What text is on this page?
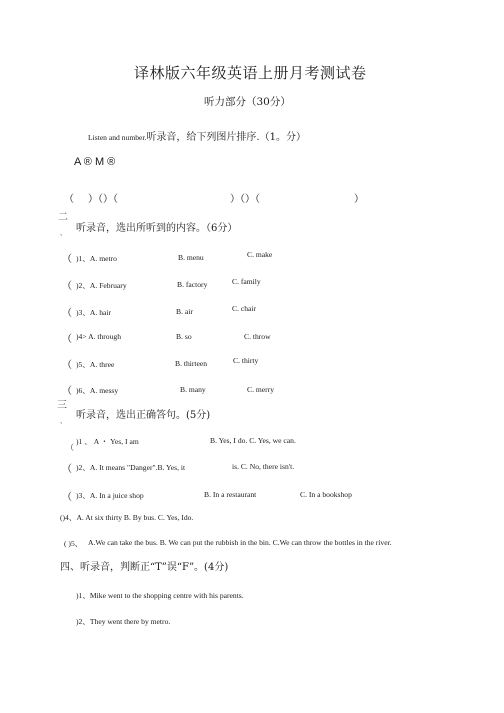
译林版六年级英语上册月考测试卷
听力部分（30分）
Listen and number.听录音，给下列图片排序.（1。分）
A ® M ®
（ ）（）（	）（）（	）
二
、 听录音，选出所听到的内容。（6分）
（ )1、A. metro	B. menu	C. make
（ )2、A. February	B. factory	C. family
（ )3、A. hair	B. air	C. chair
（ )4> A. through	B. so	C. throw
（ )5、A. three	B. thirteen	C. thirty
（ )6、A. messy	B. many	C. merry
三
、
听录音，选出正确答句。(5分)
（
)1 、 A ・ Yes, I am	B. Yes, I do. C. Yes, we can.
（ )2、A. It means "Danger".B. Yes, it	is. C. No, there isn't.
（ )3、A. In a juice shop	B. In a restaurant	C. In a bookshop
()4、A. At six thirty B. By bus. C. Yes, Ido.
( )5、 A.We can take the bus. B. We can put the rubbish in the bin. C.We can throw the bottles in the river.
四、听录音，判断正“T”误“F”。(4分)
)1、Mike went to the shopping centre with his parents.
)2、They went there by metro.
